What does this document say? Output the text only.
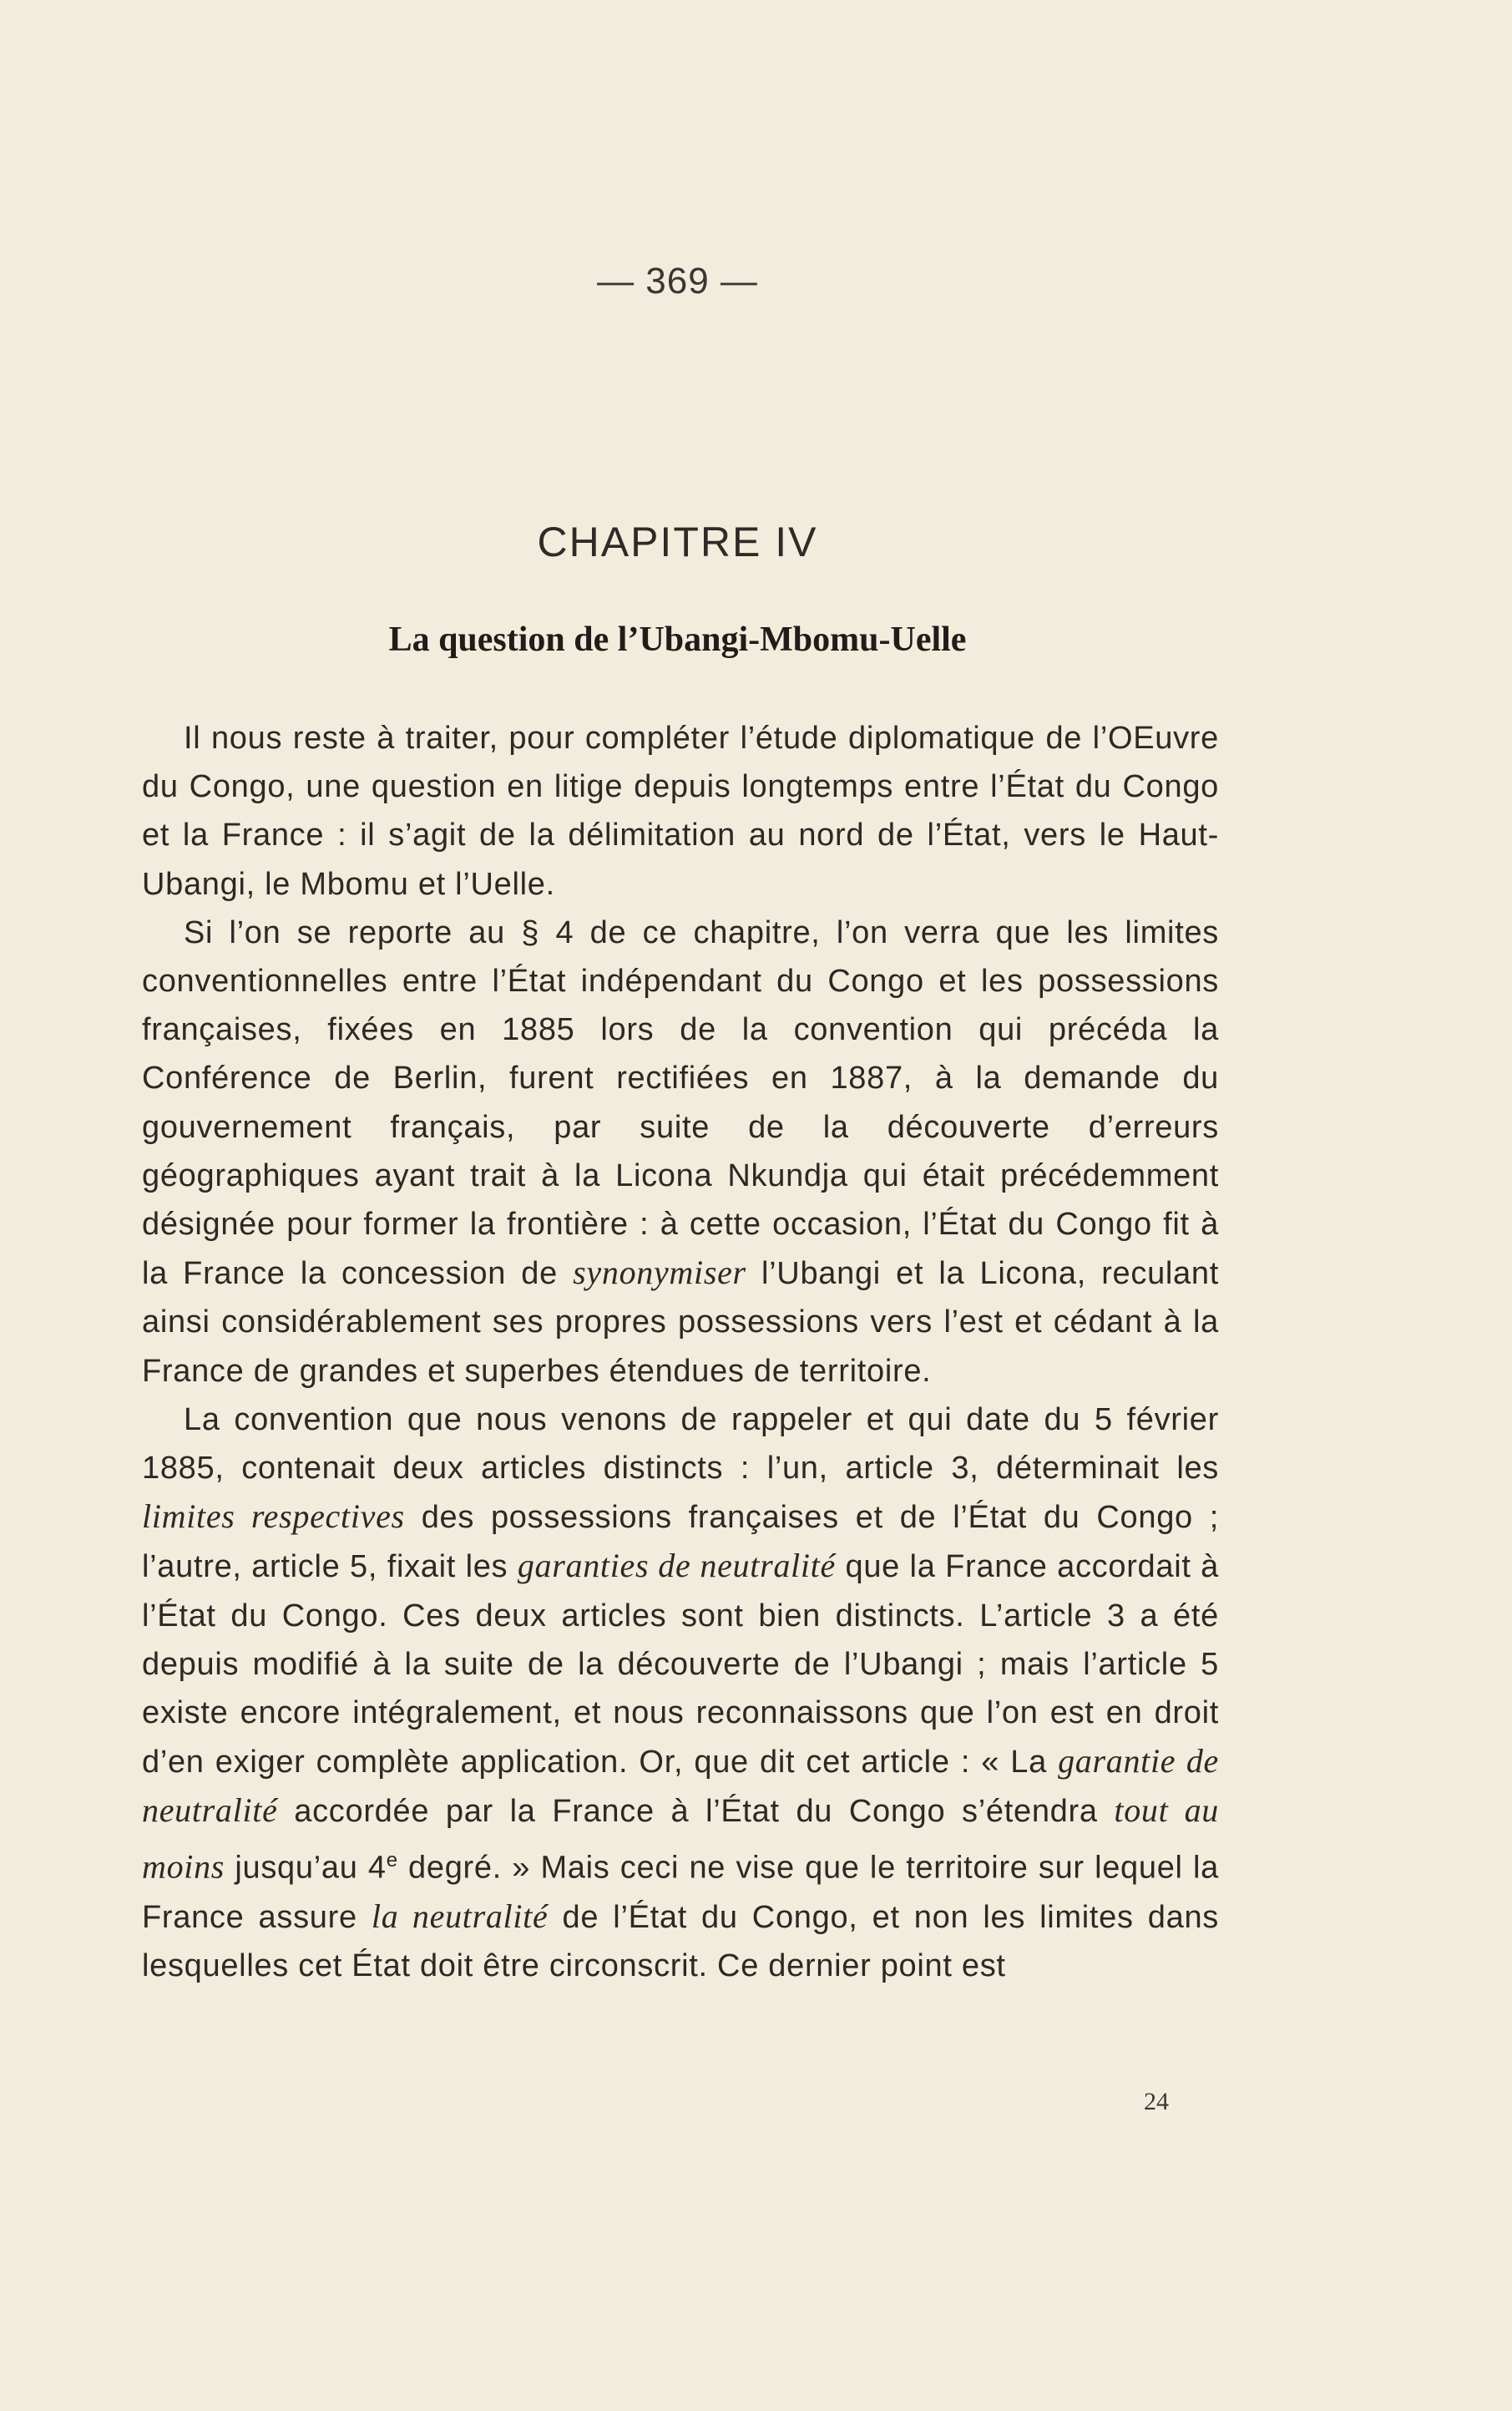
— 369 —
CHAPITRE IV
La question de l’Ubangi-Mbomu-Uelle

Il nous reste à traiter, pour compléter l’étude diplomatique de l’OEuvre du Congo, une question en litige depuis longtemps entre l’État du Congo et la France : il s’agit de la délimitation au nord de l’État, vers le Haut-Ubangi, le Mbomu et l’Uelle.

Si l’on se reporte au § 4 de ce chapitre, l’on verra que les limites conventionnelles entre l’État indépendant du Congo et les possessions françaises, fixées en 1885 lors de la convention qui précéda la Conférence de Berlin, furent rectifiées en 1887, à la demande du gouvernement français, par suite de la découverte d’erreurs géographiques ayant trait à la Licona Nkundja qui était précédemment désignée pour former la frontière : à cette occasion, l’État du Congo fit à la France la concession de synonymiser l’Ubangi et la Licona, reculant ainsi considérablement ses propres possessions vers l’est et cédant à la France de grandes et superbes étendues de territoire.

La convention que nous venons de rappeler et qui date du 5 février 1885, contenait deux articles distincts : l’un, article 3, déterminait les limites respectives des possessions françaises et de l’État du Congo ; l’autre, article 5, fixait les garanties de neutralité que la France accordait à l’État du Congo. Ces deux articles sont bien distincts. L’article 3 a été depuis modifié à la suite de la découverte de l’Ubangi ; mais l’article 5 existe encore intégralement, et nous reconnaissons que l’on est en droit d’en exiger complète application. Or, que dit cet article : « La garantie de neutralité accordée par la France à l’État du Congo s’étendra tout au moins jusqu’au 4e degré. » Mais ceci ne vise que le territoire sur lequel la France assure la neutralité de l’État du Congo, et non les limites dans lesquelles cet État doit être circonscrit. Ce dernier point est

24
